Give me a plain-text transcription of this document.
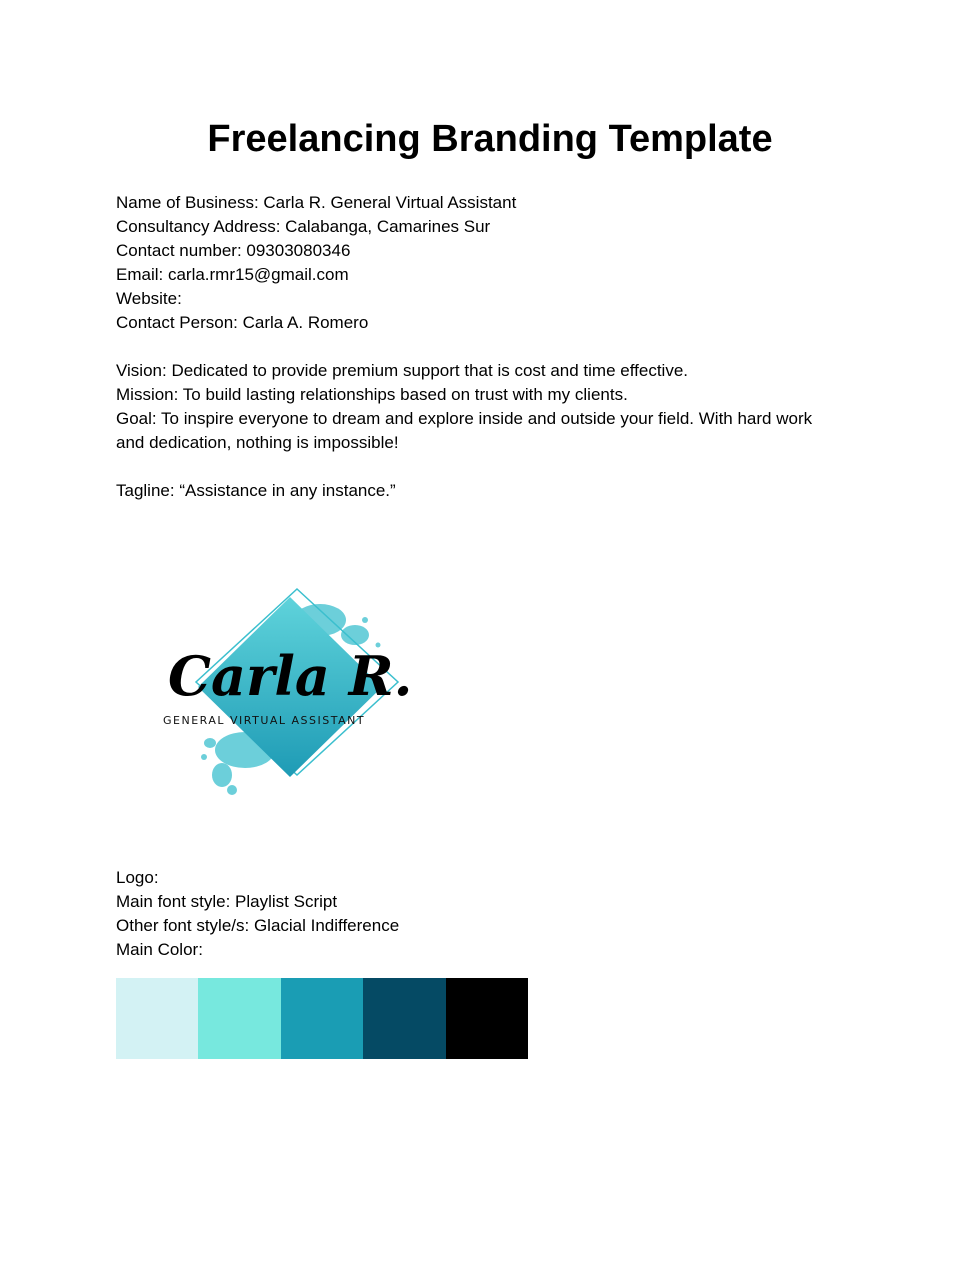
Freelancing Branding Template
Name of Business: Carla R. General Virtual Assistant
Consultancy Address: Calabanga, Camarines Sur
Contact number: 09303080346
Email: carla.rmr15@gmail.com
Website:
Contact Person: Carla A. Romero
Vision: Dedicated to provide premium support that is cost and time effective.
Mission: To build lasting relationships based on trust with my clients.
Goal: To inspire everyone to dream and explore inside and outside your field. With hard work
and dedication, nothing is impossible!
Tagline: “Assistance in any instance.”
Carla R.
GENERAL VIRTUAL ASSISTANT
Logo:
Main font style: Playlist Script
Other font style/s: Glacial Indifference
Main Color:
